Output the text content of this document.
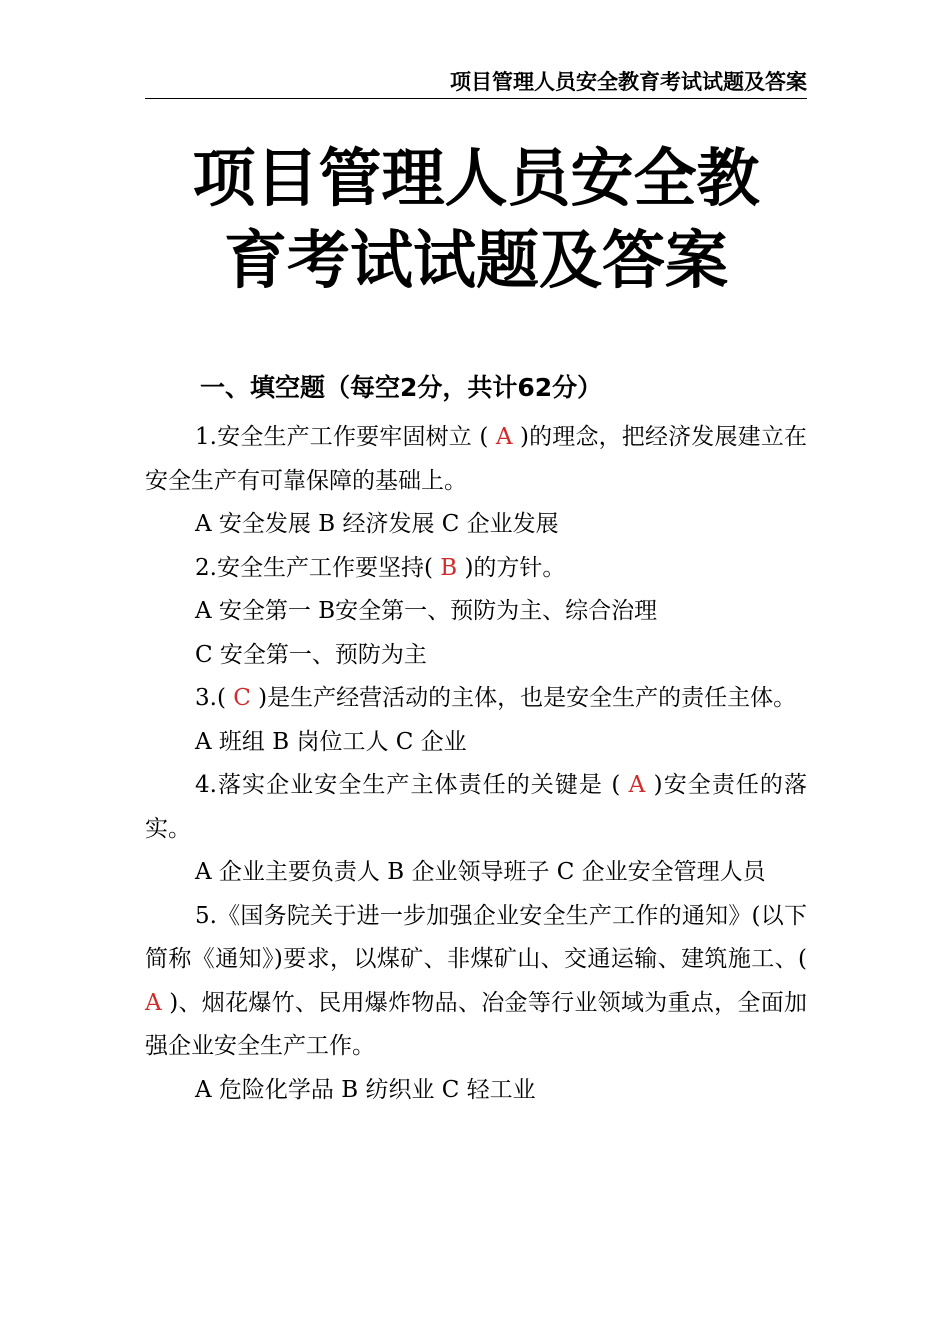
项目管理人员安全教育考试试题及答案
项目管理人员安全教
育考试试题及答案
一、填空题（每空2分，共计62分）

1.安全生产工作要牢固树立 ( A )的理念，把经济发展建立在安全生产有可靠保障的基础上。

A 安全发展 B 经济发展 C 企业发展

2.安全生产工作要坚持( B )的方针。

A 安全第一 B安全第一、预防为主、综合治理

C 安全第一、预防为主

3.( C )是生产经营活动的主体，也是安全生产的责任主体。

A 班组 B 岗位工人 C 企业

4.落实企业安全生产主体责任的关键是 ( A )安全责任的落实。

A 企业主要负责人 B 企业领导班子 C 企业安全管理人员

5.《国务院关于进一步加强企业安全生产工作的通知》(以下简称《通知》)要求，以煤矿、非煤矿山、交通运输、建筑施工、( A )、烟花爆竹、民用爆炸物品、冶金等行业领域为重点，全面加强企业安全生产工作。

A 危险化学品 B 纺织业 C 轻工业
